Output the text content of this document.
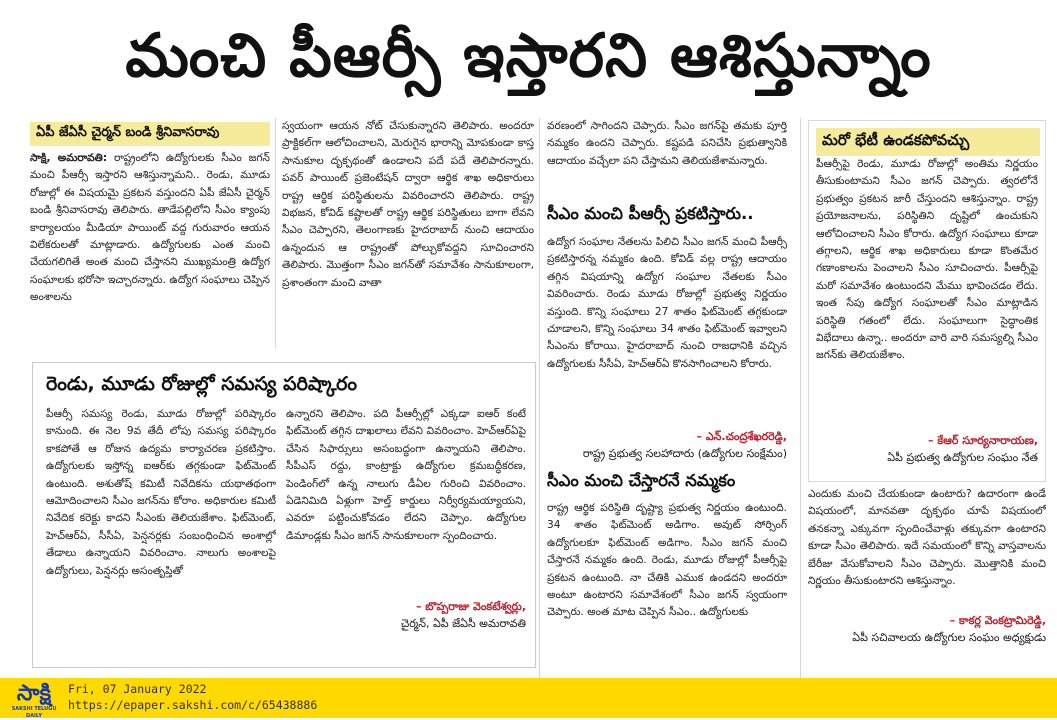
మంచి పీఆర్సీ ఇస్తారని ఆశిస్తున్నాం
ఏపీ జేఏసీ చైర్మన్ బండి శ్రీనివాసరావు

సాక్షి, అమరావతి: రాష్ట్రంలోని ఉద్యోగులకు సీఎం జగన్ మంచి పీఆర్సీ ఇస్తారని ఆశిస్తున్నామని.. రెండు, మూడు రోజుల్లో ఈ విషయమై ప్రకటన వస్తుందని ఏపీ జేఏసీ చైర్మన్ బండి శ్రీనివాసరావు తెలిపారు. తాడేపల్లిలోని సీఎం క్యాంపు కార్యాలయం మీడియా పాయింట్ వద్ద గురువారం ఆయన విలేకరులతో మాట్లాడారు. ఉద్యోగులకు ఎంత మంచి చేయగలిగితే అంత మంచి చేస్తానని ముఖ్యమంత్రి ఉద్యోగ సంఘాలకు భరోసా ఇచ్చారన్నారు. ఉద్యోగ సంఘాలు చెప్పిన అంశాలను

స్వయంగా ఆయన నోట్ చేసుకున్నారని తెలిపారు. అందరూ ప్రాక్టికల్‌గా ఆలోచించాలని, మెరుగైన భారాన్ని మోపకుండా కాస్త సానుకూల దృక్పథంతో ఉండాలని పదే పదే తెలిపారన్నారు. పవర్ పాయింట్ ప్రజెంటేషన్ ద్వారా ఆర్థిక శాఖ అధికారులు రాష్ట్ర ఆర్థిక పరిస్థితులను వివరించారని తెలిపారు. రాష్ట్ర విభజన, కోవిడ్ కష్టాలతో రాష్ట్ర ఆర్థిక పరిస్థితులు బాగా లేవని సీఎం చెప్పారని, తెలంగాణకు హైదరాబాద్ నుంచి ఆదాయం ఉన్నందున ఆ రాష్ట్రంతో పోల్చుకోవద్దని సూచించారని తెలిపారు. మొత్తంగా సీఎం జగన్‌తో సమావేశం సానుకూలంగా, ప్రశాంతంగా మంచి వాతా

రెండు, మూడు రోజుల్లో సమస్య పరిష్కారం

పీఆర్సీ సమస్య రెండు, మూడు రోజుల్లో పరిష్కారం కానుంది. ఈ నెల 9వ తేదీ లోపు సమస్య పరిష్కారం కాకపోతే ఆ రోజున ఉద్యమ కార్యాచరణ ప్రకటిస్తాం. ఉద్యోగులకు ఇస్తోన్న ఐఆర్‌కు తగ్గకుండా ఫిట్‌మెంట్ ఉంటుంది. అశుతోష్ కమిటీ నివేదికను యథాతథంగా ఆమోదించాలని సీఎం జగన్‌ను కోరాం. అధికారుల కమిటీ నివేదిక కరెక్టు కాదని సీఎంకు తెలియజేశాం. ఫిట్‌మెంట్, హెచ్ఆర్ఏ, సీసీఏ, పెన్షనర్లకు సంబంధించిన అంశాల్లో తేడాలు ఉన్నాయని వివరించాం. నాలుగు అంశాలపై ఉద్యోగులు, పెన్షనర్లు అసంతృప్తితో

ఉన్నారని తెలిపాం. పది పీఆర్సీల్లో ఎక్కడా ఐఆర్ కంటే ఫిట్‌మెంట్ తగ్గిన దాఖలాలు లేవని వివరించాం. హెచ్ఆర్ఏపై చేసిన సిఫార్సులు అసంబద్ధంగా ఉన్నాయని తెలిపాం. సీపీఎస్ రద్దు, కాంట్రాక్టు ఉద్యోగుల క్రమబద్ధీకరణ, పెండింగ్‌లో ఉన్న నాలుగు డీఏల గురించి వివరించాం. ఏడెనిమిది ఏళ్లుగా హెల్త్ కార్డులు నిర్వీర్యమయ్యాయని, ఎవరూ పట్టించుకోవడం లేదని చెప్పాం. ఉద్యోగుల డిమాండ్లకు సీఎం జగన్ సానుకూలంగా స్పందించారు.

– బొప్పరాజు వెంకటేశ్వర్లు,
చైర్మన్, ఏపీ జేఏసీ అమరావతి

వరణంలో సాగిందని చెప్పారు. సీఎం జగన్‌పై తమకు పూర్తి నమ్మకం ఉందని చెప్పారు. కష్టపడి పనిచేసి ప్రభుత్వానికి ఆదాయం వచ్చేలా పని చేస్తామని తెలియజేశామన్నారు.

సీఎం మంచి పీఆర్సీ ప్రకటిస్తారు..

ఉద్యోగ సంఘాల నేతలను పిలిచి సీఎం జగన్ మంచి పీఆర్సీ ప్రకటిస్తారన్న నమ్మకం ఉంది. కోవిడ్ వల్ల రాష్ట్ర ఆదాయం తగ్గిన విషయాన్ని ఉద్యోగ సంఘాల నేతలకు సీఎం వివరించారు. రెండు మూడు రోజుల్లో ప్రభుత్వ నిర్ణయం వస్తుంది. కొన్ని సంఘాలు 27 శాతం ఫిట్‌మెంట్ తగ్గకుండా చూడాలని, కొన్ని సంఘాలు 34 శాతం ఫిట్‌మెంట్ ఇవ్వాలని సీఎంను కోరాయి. హైదరాబాద్ నుంచి రాజధానికి వచ్చిన ఉద్యోగులకు సీసీఏ, హెచ్ఆర్ఏ కొనసాగించాలని కోరారు.

– ఎన్.చంద్రశేఖరరెడ్డి,
రాష్ట్ర ప్రభుత్వ సలహాదారు (ఉద్యోగుల సంక్షేమం)
సీఎం మంచి చేస్తారనే నమ్మకం

రాష్ట్ర ఆర్థిక పరిస్థితి దృష్ట్యా ప్రభుత్వ నిర్ణయం ఉంటుంది. 34 శాతం ఫిట్‌మెంట్ అడిగాం. అవుట్ సోర్సింగ్ ఉద్యోగులకూ ఫిట్‌మెంట్ అడిగాం. సీఎం జగన్ మంచి చేస్తారనే నమ్మకం ఉంది. రెండు, మూడు రోజుల్లో పీఆర్సీపై ప్రకటన ఉంటుంది. నా చేతికి ఎముక ఉండదని అందరూ అంటూ ఉంటారని సమావేశంలో సీఎం జగన్ స్వయంగా చెప్పారు. అంత మాట చెప్పిన సీఎం.. ఉద్యోగులకు

మరో భేటీ ఉండకపోవచ్చు

పీఆర్సీపై రెండు, మూడు రోజుల్లో అంతిమ నిర్ణయం తీసుకుంటామని సీఎం జగన్ చెప్పారు. త్వరలోనే ప్రభుత్వం ప్రకటన జారీ చేస్తుందని ఆశిస్తున్నాం. రాష్ట్ర ప్రయోజనాలను, పరిస్థితిని దృష్టిలో ఉంచుకుని ఆలోచించాలని సీఎం కోరారు. ఉద్యోగ సంఘాలు కూడా తగ్గాలని, ఆర్థిక శాఖ అధికారులు కూడా కొంతమేర గణాంకాలను పెంచాలని సీఎం సూచించారు. పీఆర్సీపై మరో సమావేశం ఉంటుందని మేము భావించడం లేదు. ఇంత సేపు ఉద్యోగ సంఘాలతో సీఎం మాట్లాడిన పరిస్థితి గతంలో లేదు. సంఘాలుగా సైద్ధాంతిక విభేదాలు ఉన్నా.. అందరూ వారి వారి సమస్యల్ని సీఎం జగన్‌కు తెలియజేశాం.

– కేఆర్ సూర్యనారాయణ,
ఏపీ ప్రభుత్వ ఉద్యోగుల సంఘం నేత

ఎందుకు మంచి చేయకుండా ఉంటారు? ఉదారంగా ఉండే విషయంలో, మానవతా దృక్పథం చూపే విషయంలో తనకన్నా ఎక్కువగా స్పందించేవాళ్లు తక్కువగా ఉంటారని కూడా సీఎం తెలిపారు. ఇదే సమయంలో కొన్ని వాస్తవాలను బేరీజు వేసుకోవాలని సీఎం చెప్పారు. మొత్తానికి మంచి నిర్ణయం తీసుకుంటారని ఆశిస్తున్నాం.

– కాకర్ల వెంకట్రామిరెడ్డి,
ఏపీ సచివాలయ ఉద్యోగుల సంఘం అధ్యక్షుడు
సాక్షి
SAKSHI TELUGU DAILY
Fri, 07 January 2022
https://epaper.sakshi.com/c/65438886
